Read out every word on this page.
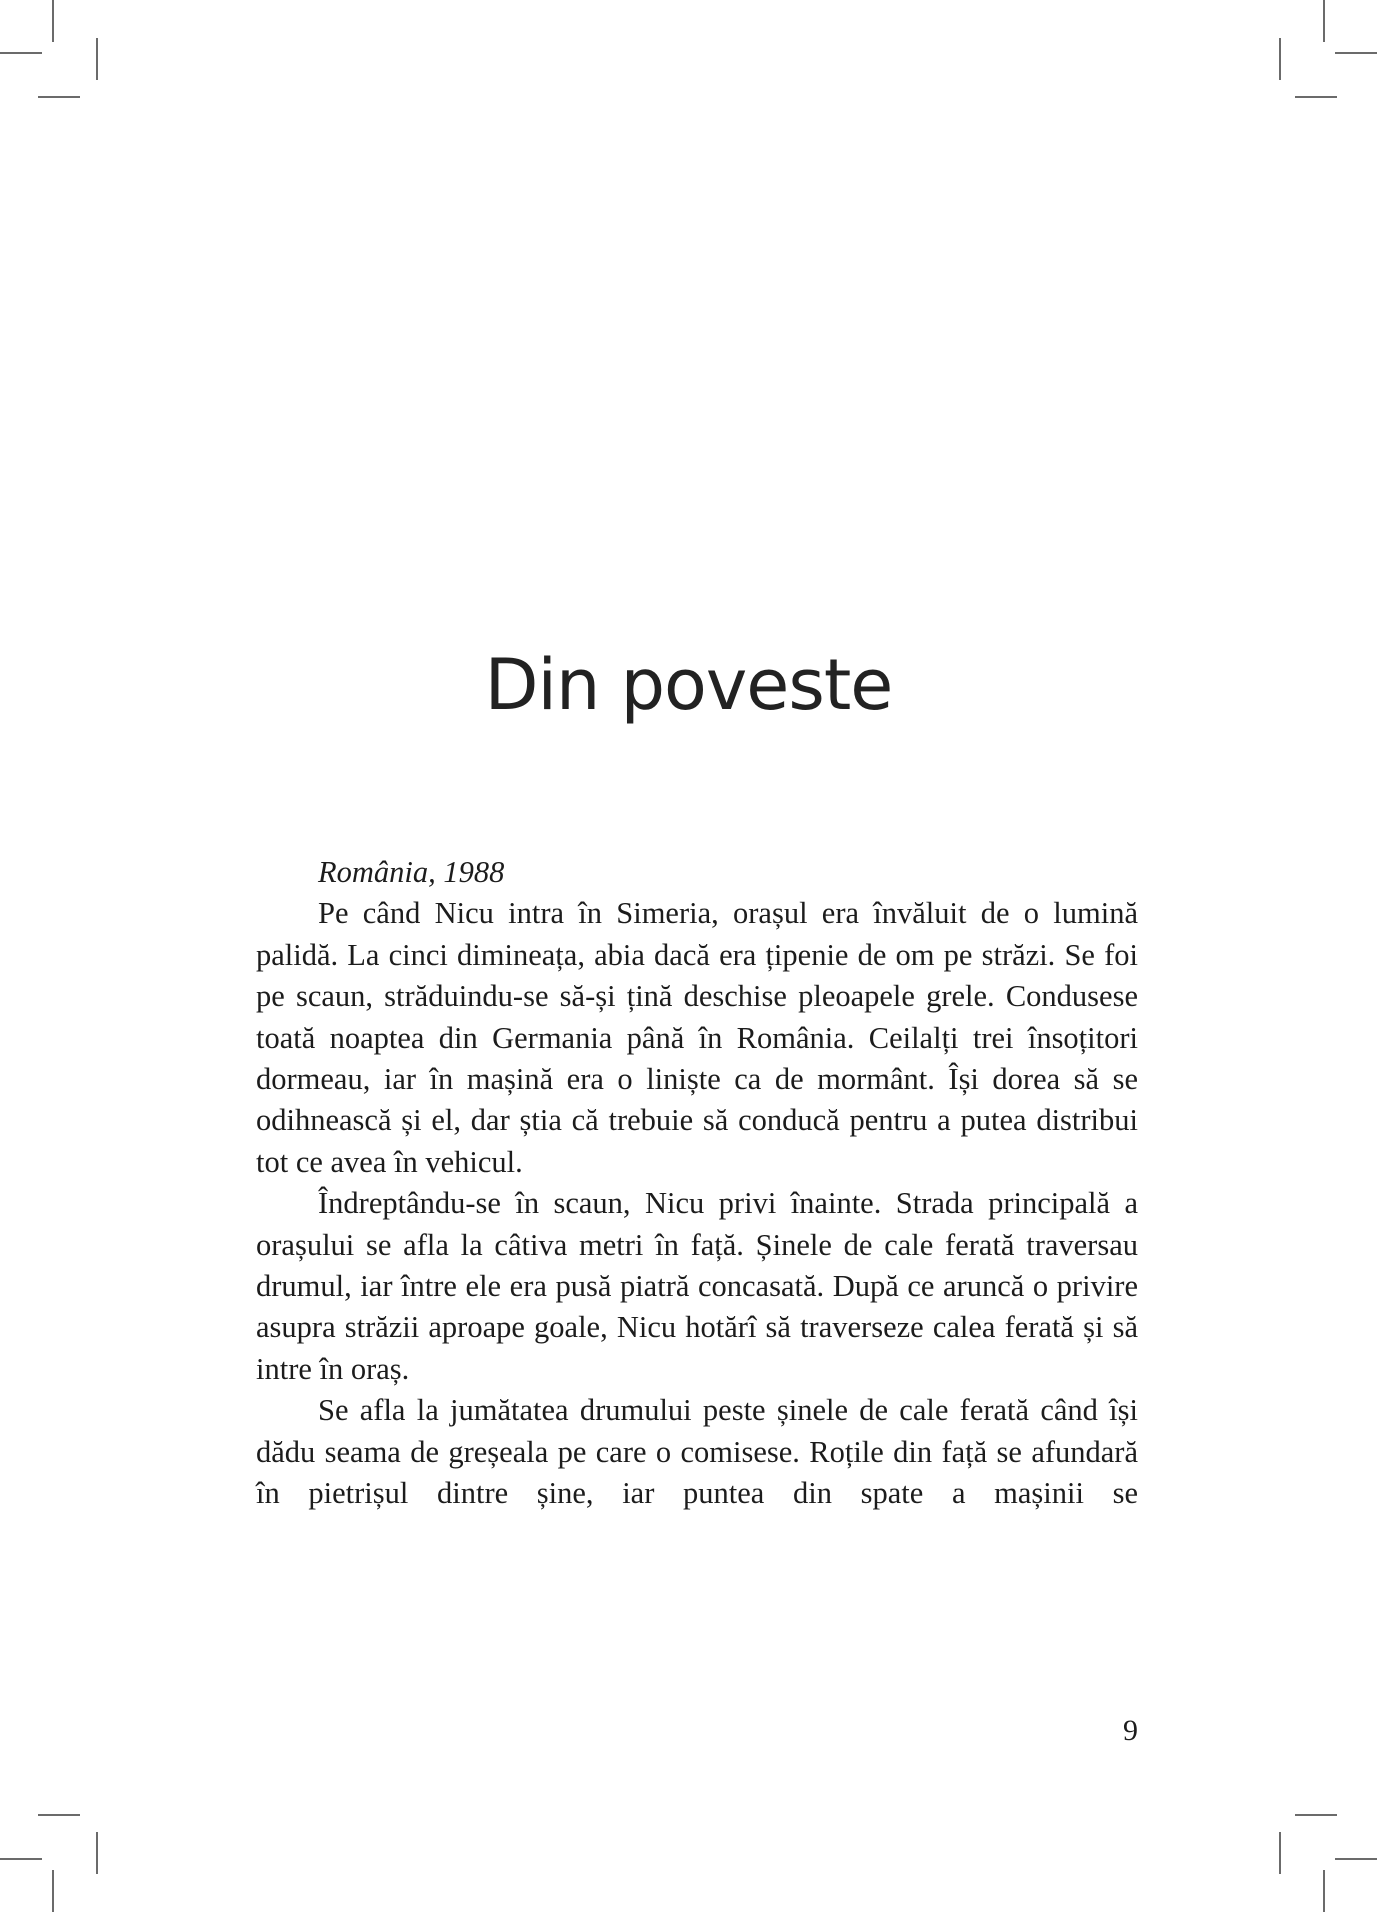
Din poveste

România, 1988

Pe când Nicu intra în Simeria, orașul era învăluit de o lumină palidă. La cinci dimineața, abia dacă era țipenie de om pe străzi. Se foi pe scaun, străduindu-se să-și țină deschise pleoapele grele. Condusese toată noaptea din Germania până în România. Ceilalți trei însoțitori dormeau, iar în mașină era o liniște ca de mormânt. Își dorea să se odihnească și el, dar știa că trebuie să conducă pentru a putea distribui tot ce avea în vehicul.

Îndreptându-se în scaun, Nicu privi înainte. Strada principală a orașului se afla la câtiva metri în față. Șinele de cale ferată traversau drumul, iar între ele era pusă piatră concasată. După ce aruncă o privire asupra străzii aproape goale, Nicu hotărî să traverseze calea ferată și să intre în oraș.

Se afla la jumătatea drumului peste șinele de cale ferată când își dădu seama de greșeala pe care o comisese. Roțile din față se afundară în pietrișul dintre șine, iar puntea din spate a mașinii se

9
